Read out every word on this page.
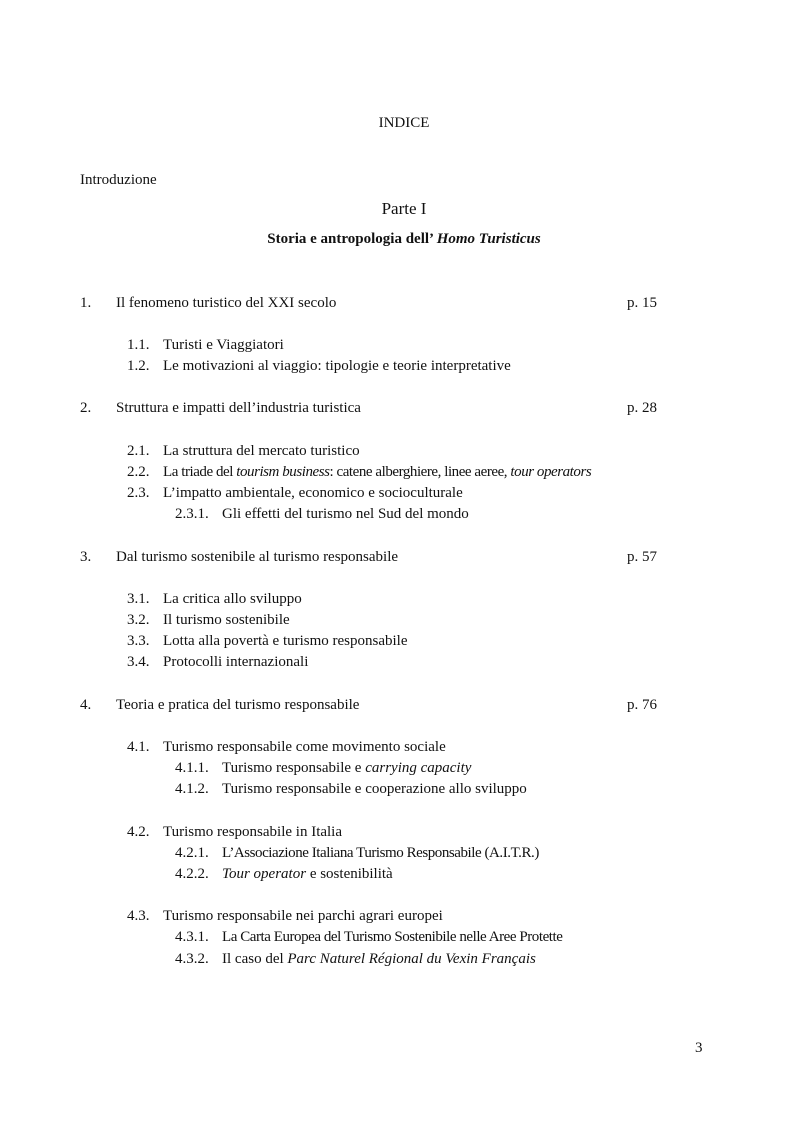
INDICE
Introduzione
Parte I
Storia e antropologia dell’ Homo Turisticus
1. Il fenomeno turistico del XXI secolo	p. 15
1.1. Turisti e Viaggiatori
1.2. Le motivazioni al viaggio: tipologie e teorie interpretative
2. Struttura e impatti dell’industria turistica	p. 28
2.1. La struttura del mercato turistico
2.2. La triade del tourism business: catene alberghiere, linee aeree, tour operators
2.3. L’impatto ambientale, economico e socioculturale
2.3.1. Gli effetti del turismo nel Sud del mondo
3. Dal turismo sostenibile al turismo responsabile	p. 57
3.1. La critica allo sviluppo
3.2. Il turismo sostenibile
3.3. Lotta alla povertà e turismo responsabile
3.4. Protocolli internazionali
4. Teoria e pratica del turismo responsabile	p. 76
4.1. Turismo responsabile come movimento sociale
4.1.1. Turismo responsabile e carrying capacity
4.1.2. Turismo responsabile e cooperazione allo sviluppo
4.2. Turismo responsabile in Italia
4.2.1. L’Associazione Italiana Turismo Responsabile (A.I.T.R.)
4.2.2. Tour operator e sostenibilità
4.3. Turismo responsabile nei parchi agrari europei
4.3.1. La Carta Europea del Turismo Sostenibile nelle Aree Protette
4.3.2. Il caso del Parc Naturel Régional du Vexin Français
3
